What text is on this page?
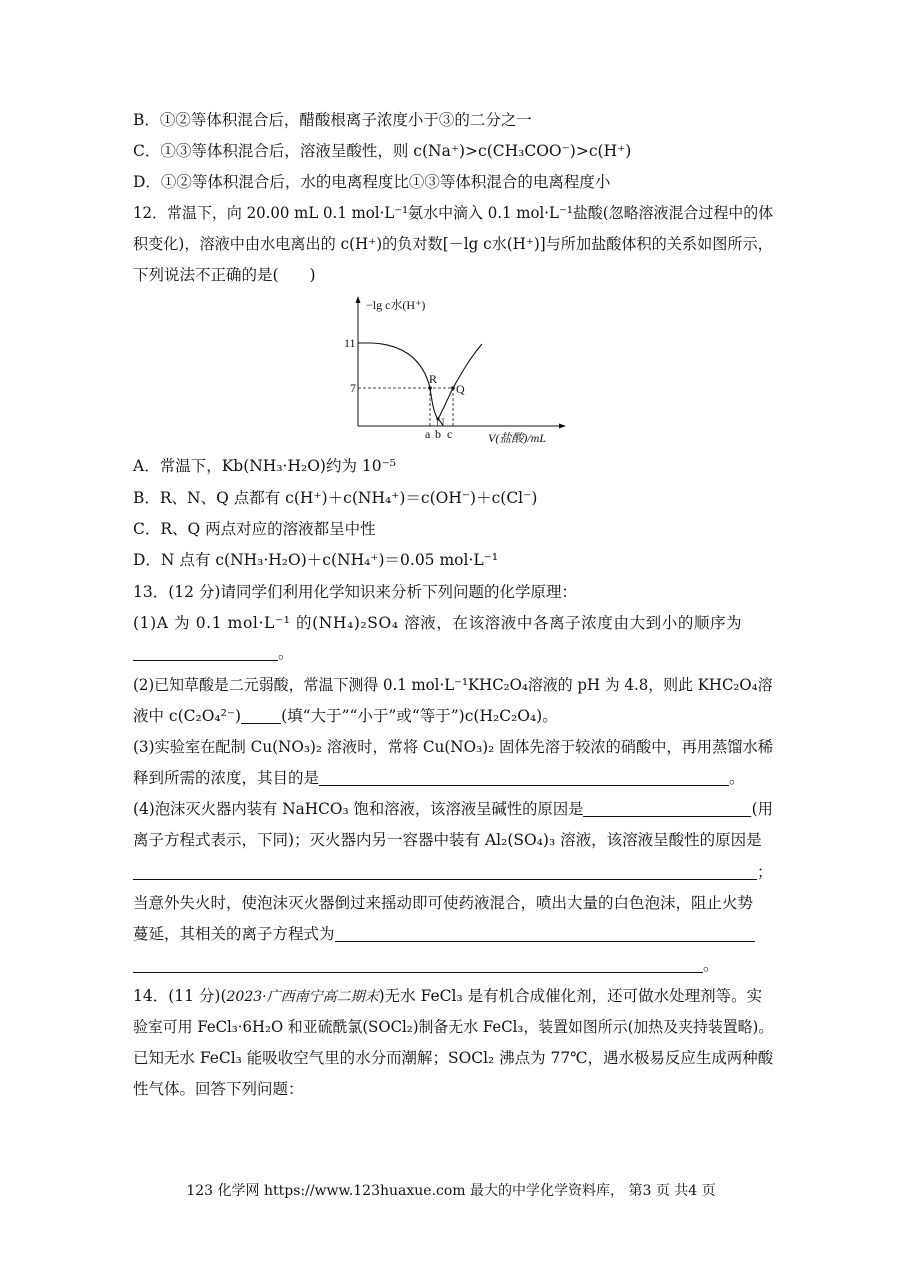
B．①②等体积混合后，醋酸根离子浓度小于③的二分之一
C．①③等体积混合后，溶液呈酸性，则 c(Na⁺)>c(CH₃COO⁻)>c(H⁺)
D．①②等体积混合后，水的电离程度比①③等体积混合的电离程度小
12．常温下，向 20.00 mL 0.1 mol·L⁻¹氨水中滴入 0.1 mol·L⁻¹盐酸(忽略溶液混合过程中的体
积变化)，溶液中由水电离出的 c(H⁺)的负对数[－lg c水(H⁺)]与所加盐酸体积的关系如图所示，
下列说法不正确的是(　　)
−lg c水(H⁺)
11
7
R
N
Q
a b c	V(盐酸)/mL
A．常温下，Kb(NH₃·H₂O)约为 10⁻⁵
B．R、N、Q 点都有 c(H⁺)＋c(NH₄⁺)＝c(OH⁻)＋c(Cl⁻)
C．R、Q 两点对应的溶液都呈中性
D．N 点有 c(NH₃·H₂O)＋c(NH₄⁺)＝0.05 mol·L⁻¹
13．(12 分)请同学们利用化学知识来分析下列问题的化学原理：
(1)A 为 0.1 mol·L⁻¹ 的(NH₄)₂SO₄ 溶液，在该溶液中各离子浓度由大到小的顺序为
。
(2)已知草酸是二元弱酸，常温下测得 0.1 mol·L⁻¹KHC₂O₄溶液的 pH 为 4.8，则此 KHC₂O₄溶
液中 c(C₂O₄²⁻)	(填“大于”“小于”或“等于”)c(H₂C₂O₄)。
(3)实验室在配制 Cu(NO₃)₂ 溶液时，常将 Cu(NO₃)₂ 固体先溶于较浓的硝酸中，再用蒸馏水稀
释到所需的浓度，其目的是	。
(4)泡沫灭火器内装有 NaHCO₃ 饱和溶液，该溶液呈碱性的原因是	(用
离子方程式表示，下同)；灭火器内另一容器中装有 Al₂(SO₄)₃ 溶液，该溶液呈酸性的原因是
；
当意外失火时，使泡沫灭火器倒过来摇动即可使药液混合，喷出大量的白色泡沫，阻止火势
蔓延，其相关的离子方程式为
。
14．(11 分)(2023·广西南宁高二期末)无水 FeCl₃ 是有机合成催化剂，还可做水处理剂等。实
验室可用 FeCl₃·6H₂O 和亚硫酰氯(SOCl₂)制备无水 FeCl₃，装置如图所示(加热及夹持装置略)。
已知无水 FeCl₃ 能吸收空气里的水分而潮解；SOCl₂ 沸点为 77℃，遇水极易反应生成两种酸
性气体。回答下列问题：
123 化学网 https://www.123huaxue.com 最大的中学化学资料库， 第3 页 共4 页
